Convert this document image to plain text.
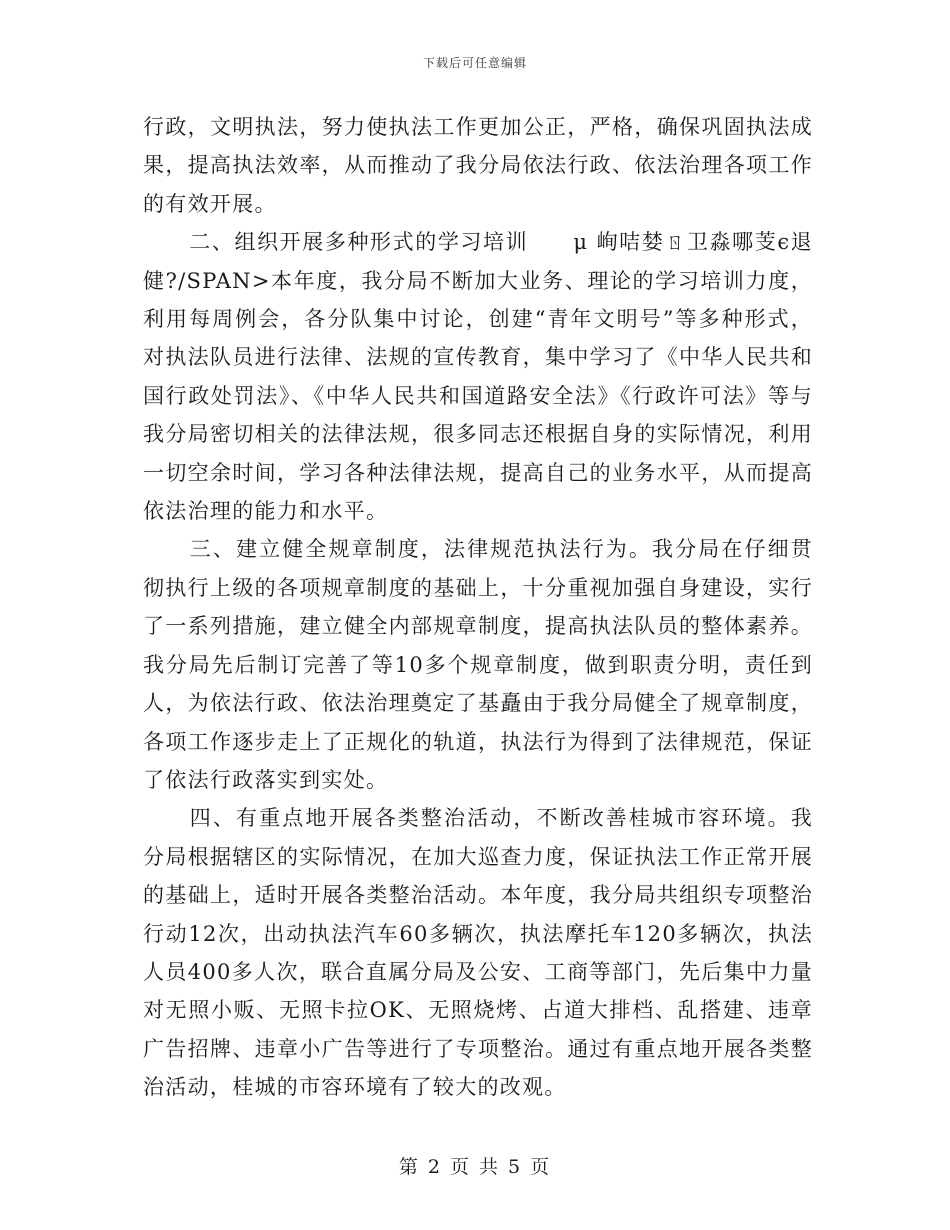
下载后可任意编辑

行政，文明执法，努力使执法工作更加公正，严格，确保巩固执法成果，提高执法效率，从而推动了我分局依法行政、依法治理各项工作的有效开展。

二、组织开展多种形式的学习培训　　μ 峋咭婪ㄖ卫淼哪芰ϵ退健?/SPAN>本年度，我分局不断加大业务、理论的学习培训力度，利用每周例会，各分队集中讨论，创建“青年文明号”等多种形式，对执法队员进行法律、法规的宣传教育，集中学习了《中华人民共和国行政处罚法》、《中华人民共和国道路安全法》《行政许可法》等与我分局密切相关的法律法规，很多同志还根据自身的实际情况，利用一切空余时间，学习各种法律法规，提高自己的业务水平，从而提高依法治理的能力和水平。

三、建立健全规章制度，法律规范执法行为。我分局在仔细贯彻执行上级的各项规章制度的基础上，十分重视加强自身建设，实行了一系列措施，建立健全内部规章制度，提高执法队员的整体素养。我分局先后制订完善了等10多个规章制度，做到职责分明，责任到人，为依法行政、依法治理奠定了基矗由于我分局健全了规章制度，各项工作逐步走上了正规化的轨道，执法行为得到了法律规范，保证了依法行政落实到实处。

四、有重点地开展各类整治活动，不断改善桂城市容环境。我分局根据辖区的实际情况，在加大巡查力度，保证执法工作正常开展的基础上，适时开展各类整治活动。本年度，我分局共组织专项整治行动12次，出动执法汽车60多辆次，执法摩托车120多辆次，执法人员400多人次，联合直属分局及公安、工商等部门，先后集中力量对无照小贩、无照卡拉OK、无照烧烤、占道大排档、乱搭建、违章广告招牌、违章小广告等进行了专项整治。通过有重点地开展各类整治活动，桂城的市容环境有了较大的改观。

第 2 页 共 5 页
